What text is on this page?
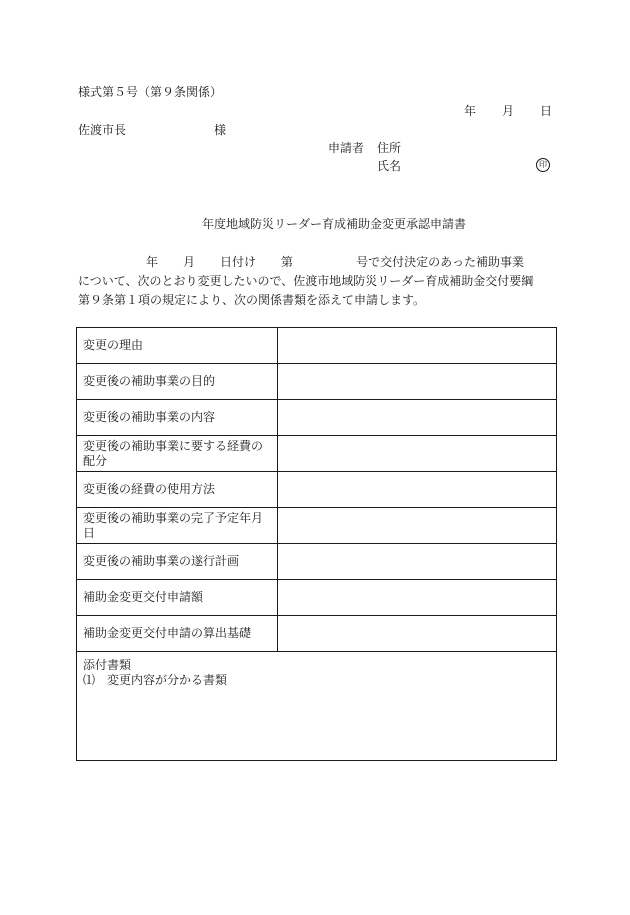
様式第５号（第９条関係）
年 月 日
佐渡市長	様
申請者 住所
氏名	印
年度地域防災リーダー育成補助金変更承認申請書
年 月 日付け 第	号で交付決定のあった補助事業
について、次のとおり変更したいので、佐渡市地域防災リーダー育成補助金交付要綱
第９条第１項の規定により、次の関係書類を添えて申請します。
変更の理由	
変更後の補助事業の目的	
変更後の補助事業の内容	
変更後の補助事業に要する経費の配分	
変更後の経費の使用方法	
変更後の補助事業の完了予定年月日	
変更後の補助事業の遂行計画	
補助金変更交付申請額	
補助金変更交付申請の算出基礎	

添付書類
⑴　変更内容が分かる書類	
